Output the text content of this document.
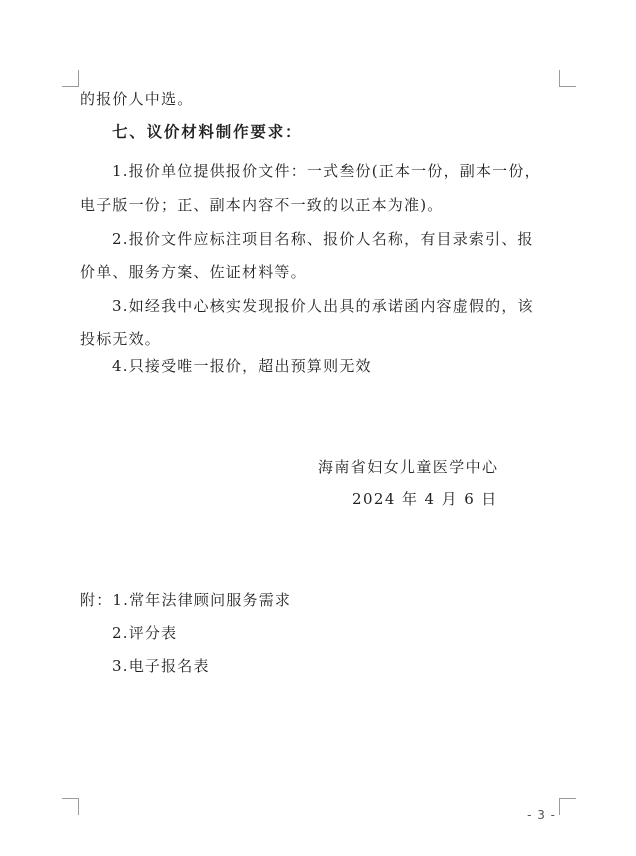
的报价人中选。
七、议价材料制作要求：
1.报价单位提供报价文件：一式叁份(正本一份，副本一份，
电子版一份；正、副本内容不一致的以正本为准)。
2.报价文件应标注项目名称、报价人名称，有目录索引、报
价单、服务方案、佐证材料等。
3.如经我中心核实发现报价人出具的承诺函内容虚假的，该
投标无效。
4.只接受唯一报价，超出预算则无效
海南省妇女儿童医学中心
2024 年 4 月 6 日
附：1.常年法律顾问服务需求
2.评分表
3.电子报名表
- 3 -
